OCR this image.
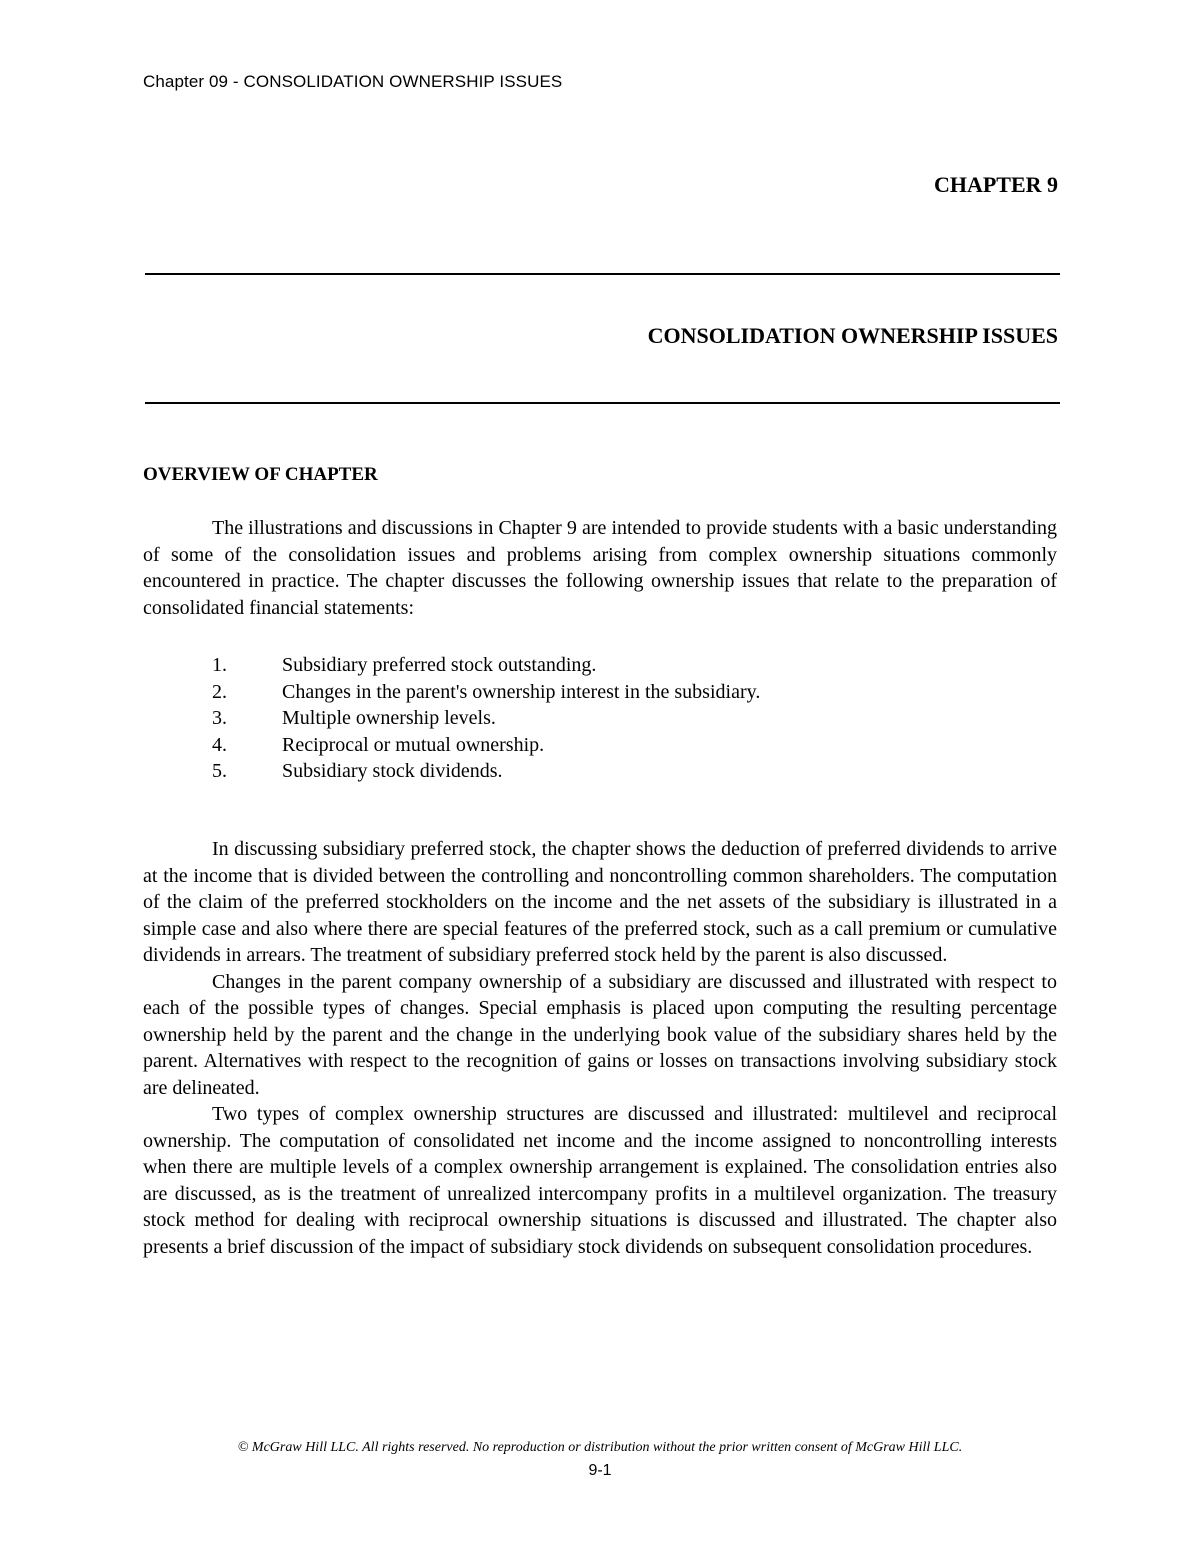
Chapter 09 - CONSOLIDATION OWNERSHIP ISSUES
CHAPTER 9
CONSOLIDATION OWNERSHIP ISSUES
OVERVIEW OF CHAPTER

The illustrations and discussions in Chapter 9 are intended to provide students with a basic understanding of some of the consolidation issues and problems arising from complex ownership situations commonly encountered in practice. The chapter discusses the following ownership issues that relate to the preparation of consolidated financial statements:

1.	Subsidiary preferred stock outstanding.
2.	Changes in the parent's ownership interest in the subsidiary.
3.	Multiple ownership levels.
4.	Reciprocal or mutual ownership.
5.	Subsidiary stock dividends.

In discussing subsidiary preferred stock, the chapter shows the deduction of preferred dividends to arrive at the income that is divided between the controlling and noncontrolling common shareholders. The computation of the claim of the preferred stockholders on the income and the net assets of the subsidiary is illustrated in a simple case and also where there are special features of the preferred stock, such as a call premium or cumulative dividends in arrears. The treatment of subsidiary preferred stock held by the parent is also discussed.

Changes in the parent company ownership of a subsidiary are discussed and illustrated with respect to each of the possible types of changes. Special emphasis is placed upon computing the resulting percentage ownership held by the parent and the change in the underlying book value of the subsidiary shares held by the parent. Alternatives with respect to the recognition of gains or losses on transactions involving subsidiary stock are delineated.

Two types of complex ownership structures are discussed and illustrated: multilevel and reciprocal ownership. The computation of consolidated net income and the income assigned to noncontrolling interests when there are multiple levels of a complex ownership arrangement is explained. The consolidation entries also are discussed, as is the treatment of unrealized intercompany profits in a multilevel organization. The treasury stock method for dealing with reciprocal ownership situations is discussed and illustrated. The chapter also presents a brief discussion of the impact of subsidiary stock dividends on subsequent consolidation procedures.

© McGraw Hill LLC. All rights reserved. No reproduction or distribution without the prior written consent of McGraw Hill LLC.
9-1
